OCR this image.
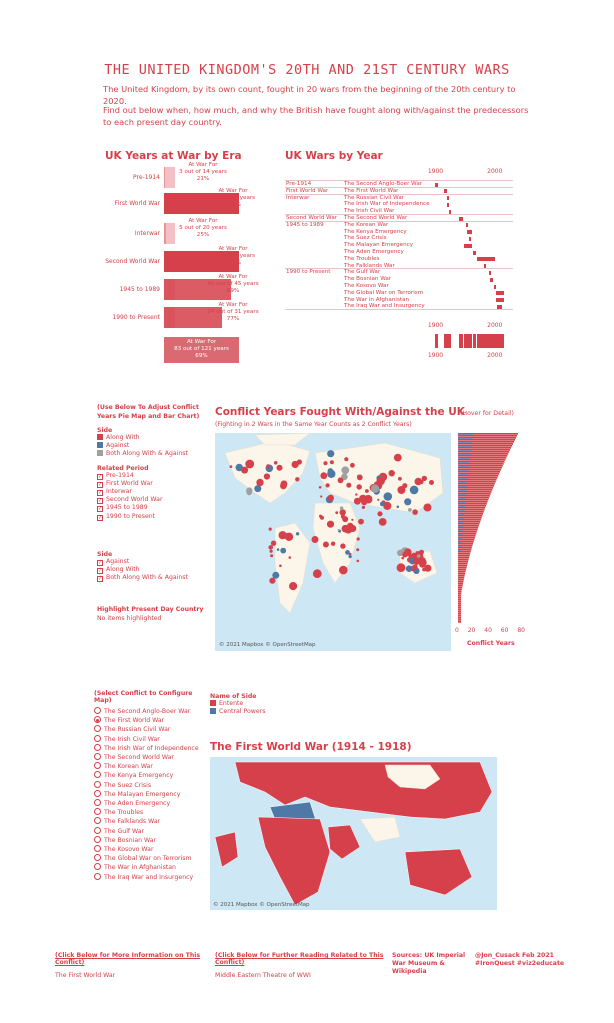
THE UNITED KINGDOM'S 20TH AND 21ST CENTURY WARS
The United Kingdom, by its own count, fought in 20 wars from the beginning of the 20th century to 2020.
Find out below when, how much, and why the British have fought along with/against the predecessors to each present day country.
UK Years at War by Era
Pre-1914
At War For
3 out of 14 years
21%
First World War
At War For
5 out of 5 years
100%
Interwar
At War For
5 out of 20 years
25%
Second World War
At War For
6 out of 6 years
100%
1945 to 1989
At War For
40 out of 45 years
89%
1990 to Present
At War For
24 out of 31 years
77%
At War For
83 out of 121 years
69%
UK Wars by Year
1900
1900
1900
2000
2000
2000
Pre-1914	The Second Anglo-Boer War
First World War	The First World War
Interwar	The Russian Civil War
The Irish War of Independence
The Irish Civil War
Second World War The Second World War
1945 to 1989	The Korean War
The Kenya Emergency
The Suez Crisis
The Malayan Emergency
The Aden Emergency
The Troubles
The Falklands War
1990 to Present The Gulf War
The Bosnian War
The Kosovo War
The Global War on Terrorism
The War in Afghanistan
The Iraq War and Insurgency
(Use Below To Adjust Conflict Years Pie Map and Bar Chart)
Side
Along With
Against
Both Along With & Against
Related Period
✓ Pre-1914
✓ First World War
✓ Interwar
✓ Second World War
✓ 1945 to 1989
✓ 1990 to Present
Side
✓ Against
✓ Along With
✓ Both Along With & Against
Highlight Present Day Country
No items highlighted
Conflict Years Fought With/Against the UK
(Fighting in 2 Wars in the Same Year Counts as 2 Conflict Years)
© 2021 Mapbox © OpenStreetMap
(Hover for Detail)
0 20 40 60 80
Conflict Years
(Select Conflict to Configure Map)
The Second Anglo-Boer War
The First World War
The Russian Civil War
The Irish Civil War
The Irish War of Independence
The Second World War
The Korean War
The Kenya Emergency
The Suez Crisis
The Malayan Emergency
The Aden Emergency
The Troubles
The Falklands War
The Gulf War
The Bosnian War
The Kosovo War
The Global War on Terrorism
The War in Afghanistan
The Iraq War and Insurgency
Name of Side
Entente
Central Powers
The First World War (1914 - 1918)
© 2021 Mapbox © OpenStreetMap
(Click Below for More Information on This Conflict)
The First World War
(Click Below for Further Reading Related to This Conflict)
Middle Eastern Theatre of WWI
Sources: UK Imperial War Museum & Wikipedia
@Jon_Cusack Feb 2021
#IronQuest #viz2educate
